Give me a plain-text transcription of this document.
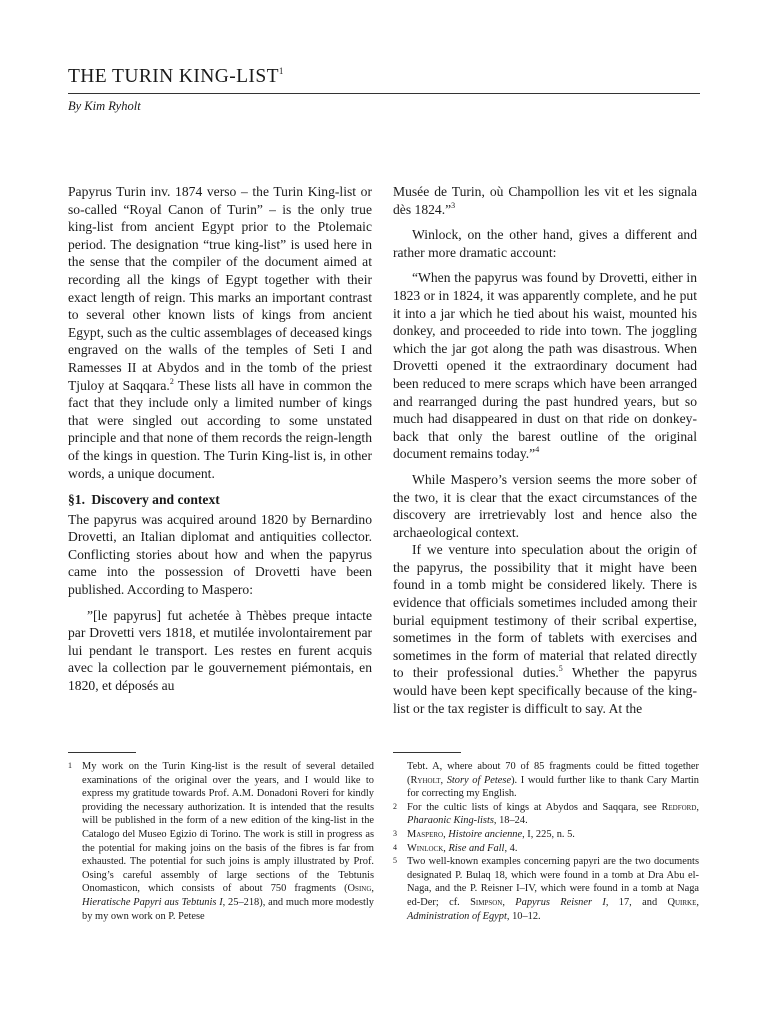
THE TURIN KING-LIST$^1$
By Kim Ryholt

Papyrus Turin inv. 1874 verso – the Turin King-list or so-called “Royal Canon of Turin” – is the only true king-list from ancient Egypt prior to the Ptolemaic period. The designation “true king-list” is used here in the sense that the compiler of the document aimed at recording all the kings of Egypt together with their exact length of reign. This marks an important contrast to several other known lists of kings from ancient Egypt, such as the cultic assemblages of deceased kings engraved on the walls of the temples of Seti I and Ramesses II at Abydos and in the tomb of the priest Tjuloy at Saqqara.$^2$ These lists all have in common the fact that they include only a limited number of kings that were singled out according to some unstated principle and that none of them records the reign-length of the kings in question. The Turin King-list is, in other words, a unique document.

§1. Discovery and context

The papyrus was acquired around 1820 by Bernardino Drovetti, an Italian diplomat and antiquities collector. Conflicting stories about how and when the papyrus came into the possession of Drovetti have been published. According to Maspero:

”[le papyrus] fut achetée à Thèbes preque intacte par Drovetti vers 1818, et mutilée involontairement par lui pendant le transport. Les restes en furent acquis avec la collection par le gouvernement piémontais, en 1820, et déposés au

Musée de Turin, où Champollion les vit et les signala dès 1824.”$^3$

Winlock, on the other hand, gives a different and rather more dramatic account:

“When the papyrus was found by Drovetti, either in 1823 or in 1824, it was apparently complete, and he put it into a jar which he tied about his waist, mounted his donkey, and proceeded to ride into town. The joggling which the jar got along the path was disastrous. When Drovetti opened it the extraordinary document had been reduced to mere scraps which have been arranged and rearranged during the past hundred years, but so much had disappeared in dust on that ride on donkey-back that only the barest outline of the original document remains today.”$^4$

While Maspero’s version seems the more sober of the two, it is clear that the exact circumstances of the discovery are irretrievably lost and hence also the archaeological context.

If we venture into speculation about the origin of the papyrus, the possibility that it might have been found in a tomb might be considered likely. There is evidence that officials sometimes included among their burial equipment testimony of their scribal expertise, sometimes in the form of tablets with exercises and sometimes in the form of material that related directly to their professional duties.$^5$ Whether the papyrus would have been kept specifically because of the king-list or the tax register is difficult to say. At the

1 My work on the Turin King-list is the result of several detailed examinations of the original over the years, and I would like to express my gratitude towards Prof. A.M. Donadoni Roveri for kindly providing the necessary authorization. It is intended that the results will be published in the form of a new edition of the king-list in the Catalogo del Museo Egizio di Torino. The work is still in progress as the potential for making joins on the basis of the fibres is far from exhausted. The potential for such joins is amply illustrated by Prof. Osing’s careful assembly of large sections of the Tebtunis Onomasticon, which consists of about 750 fragments (Osing, Hieratische Papyri aus Tebtunis I, 25–218), and much more modestly by my own work on P. Petese
Tebt. A, where about 70 of 85 fragments could be fitted together (Ryholt, Story of Petese). I would further like to thank Cary Martin for correcting my English.
2 For the cultic lists of kings at Abydos and Saqqara, see Redford, Pharaonic King-lists, 18–24.
3 Maspero, Histoire ancienne, I, 225, n. 5.
4 Winlock, Rise and Fall, 4.
5 Two well-known examples concerning papyri are the two documents designated P. Bulaq 18, which were found in a tomb at Dra Abu el-Naga, and the P. Reisner I–IV, which were found in a tomb at Naga ed-Der; cf. Simpson, Papyrus Reisner I, 17, and Quirke, Administration of Egypt, 10–12.
